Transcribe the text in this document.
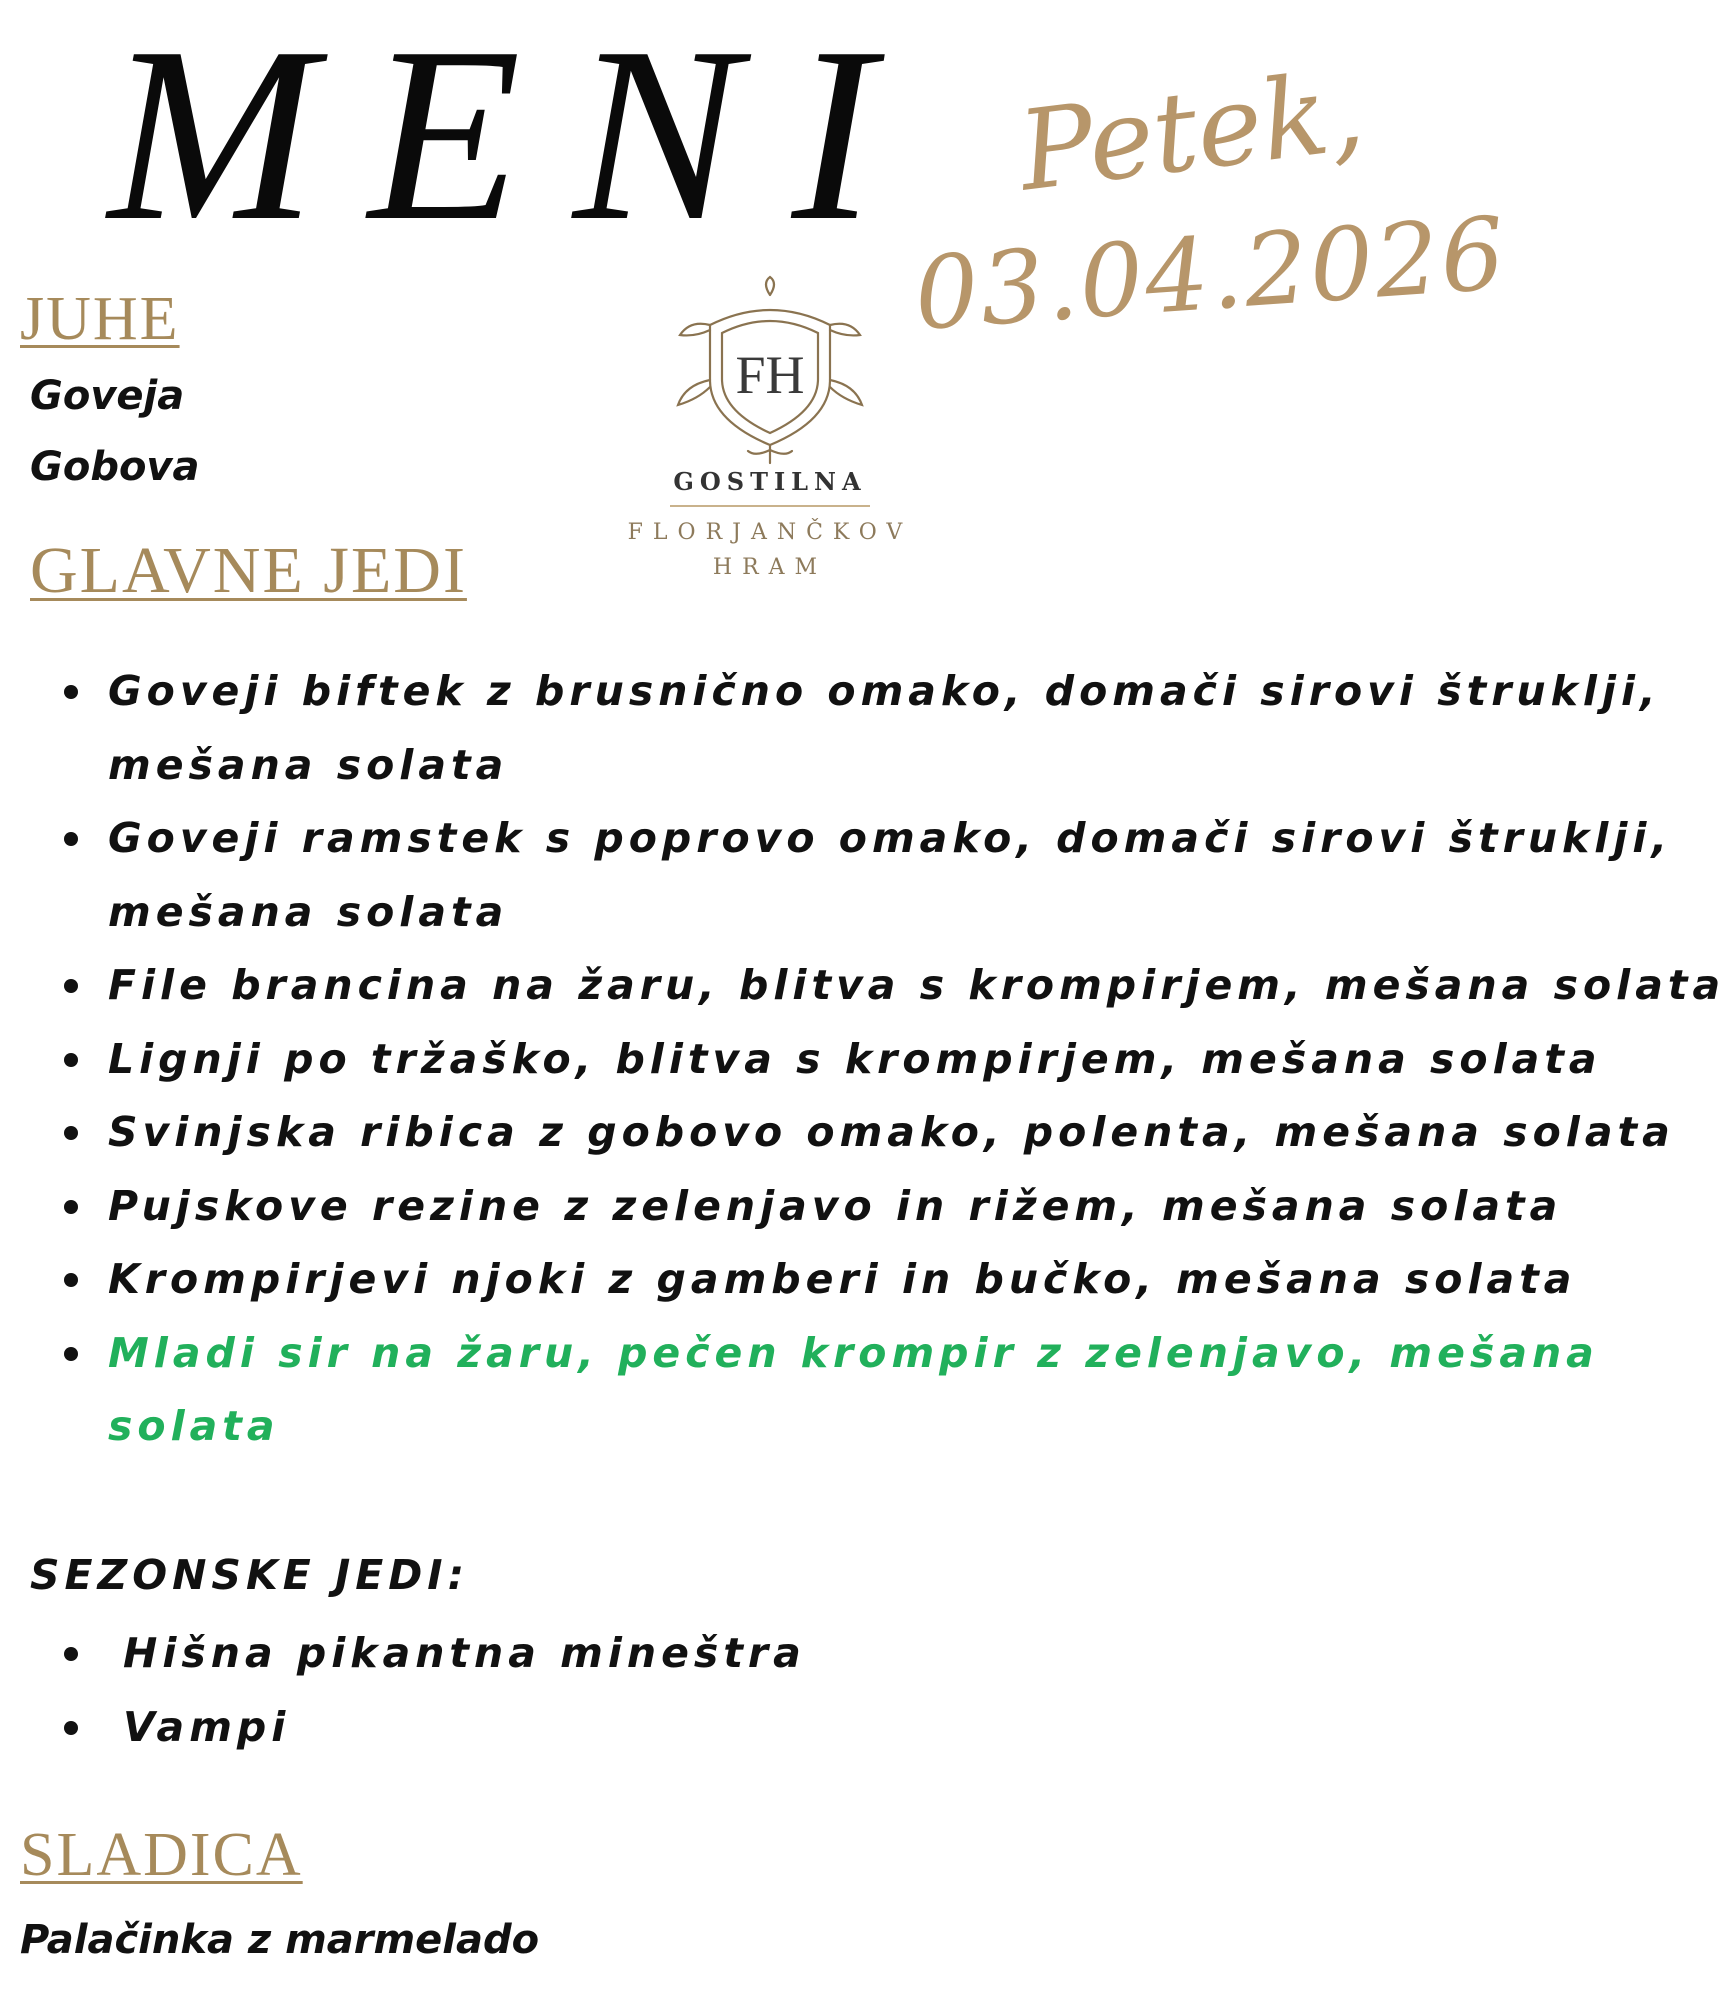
MENI Petek,
03.04.2026
FH
GOSTILNA
FLORJANČKOV
HRAM
JUHE
Goveja
Gobova
GLAVNE JEDI
Goveji biftek z brusnično omako, domači sirovi štruklji,
mešana solata
Goveji ramstek s poprovo omako, domači sirovi štruklji,
mešana solata
File brancina na žaru, blitva s krompirjem, mešana solata
Lignji po tržaško, blitva s krompirjem, mešana solata
Svinjska ribica z gobovo omako, polenta, mešana solata
Pujskove rezine z zelenjavo in rižem, mešana solata
Krompirjevi njoki z gamberi in bučko, mešana solata
Mladi sir na žaru, pečen krompir z zelenjavo, mešana
solata
SEZONSKE JEDI:
Hišna pikantna mineštra
Vampi
SLADICA
Palačinka z marmelado
